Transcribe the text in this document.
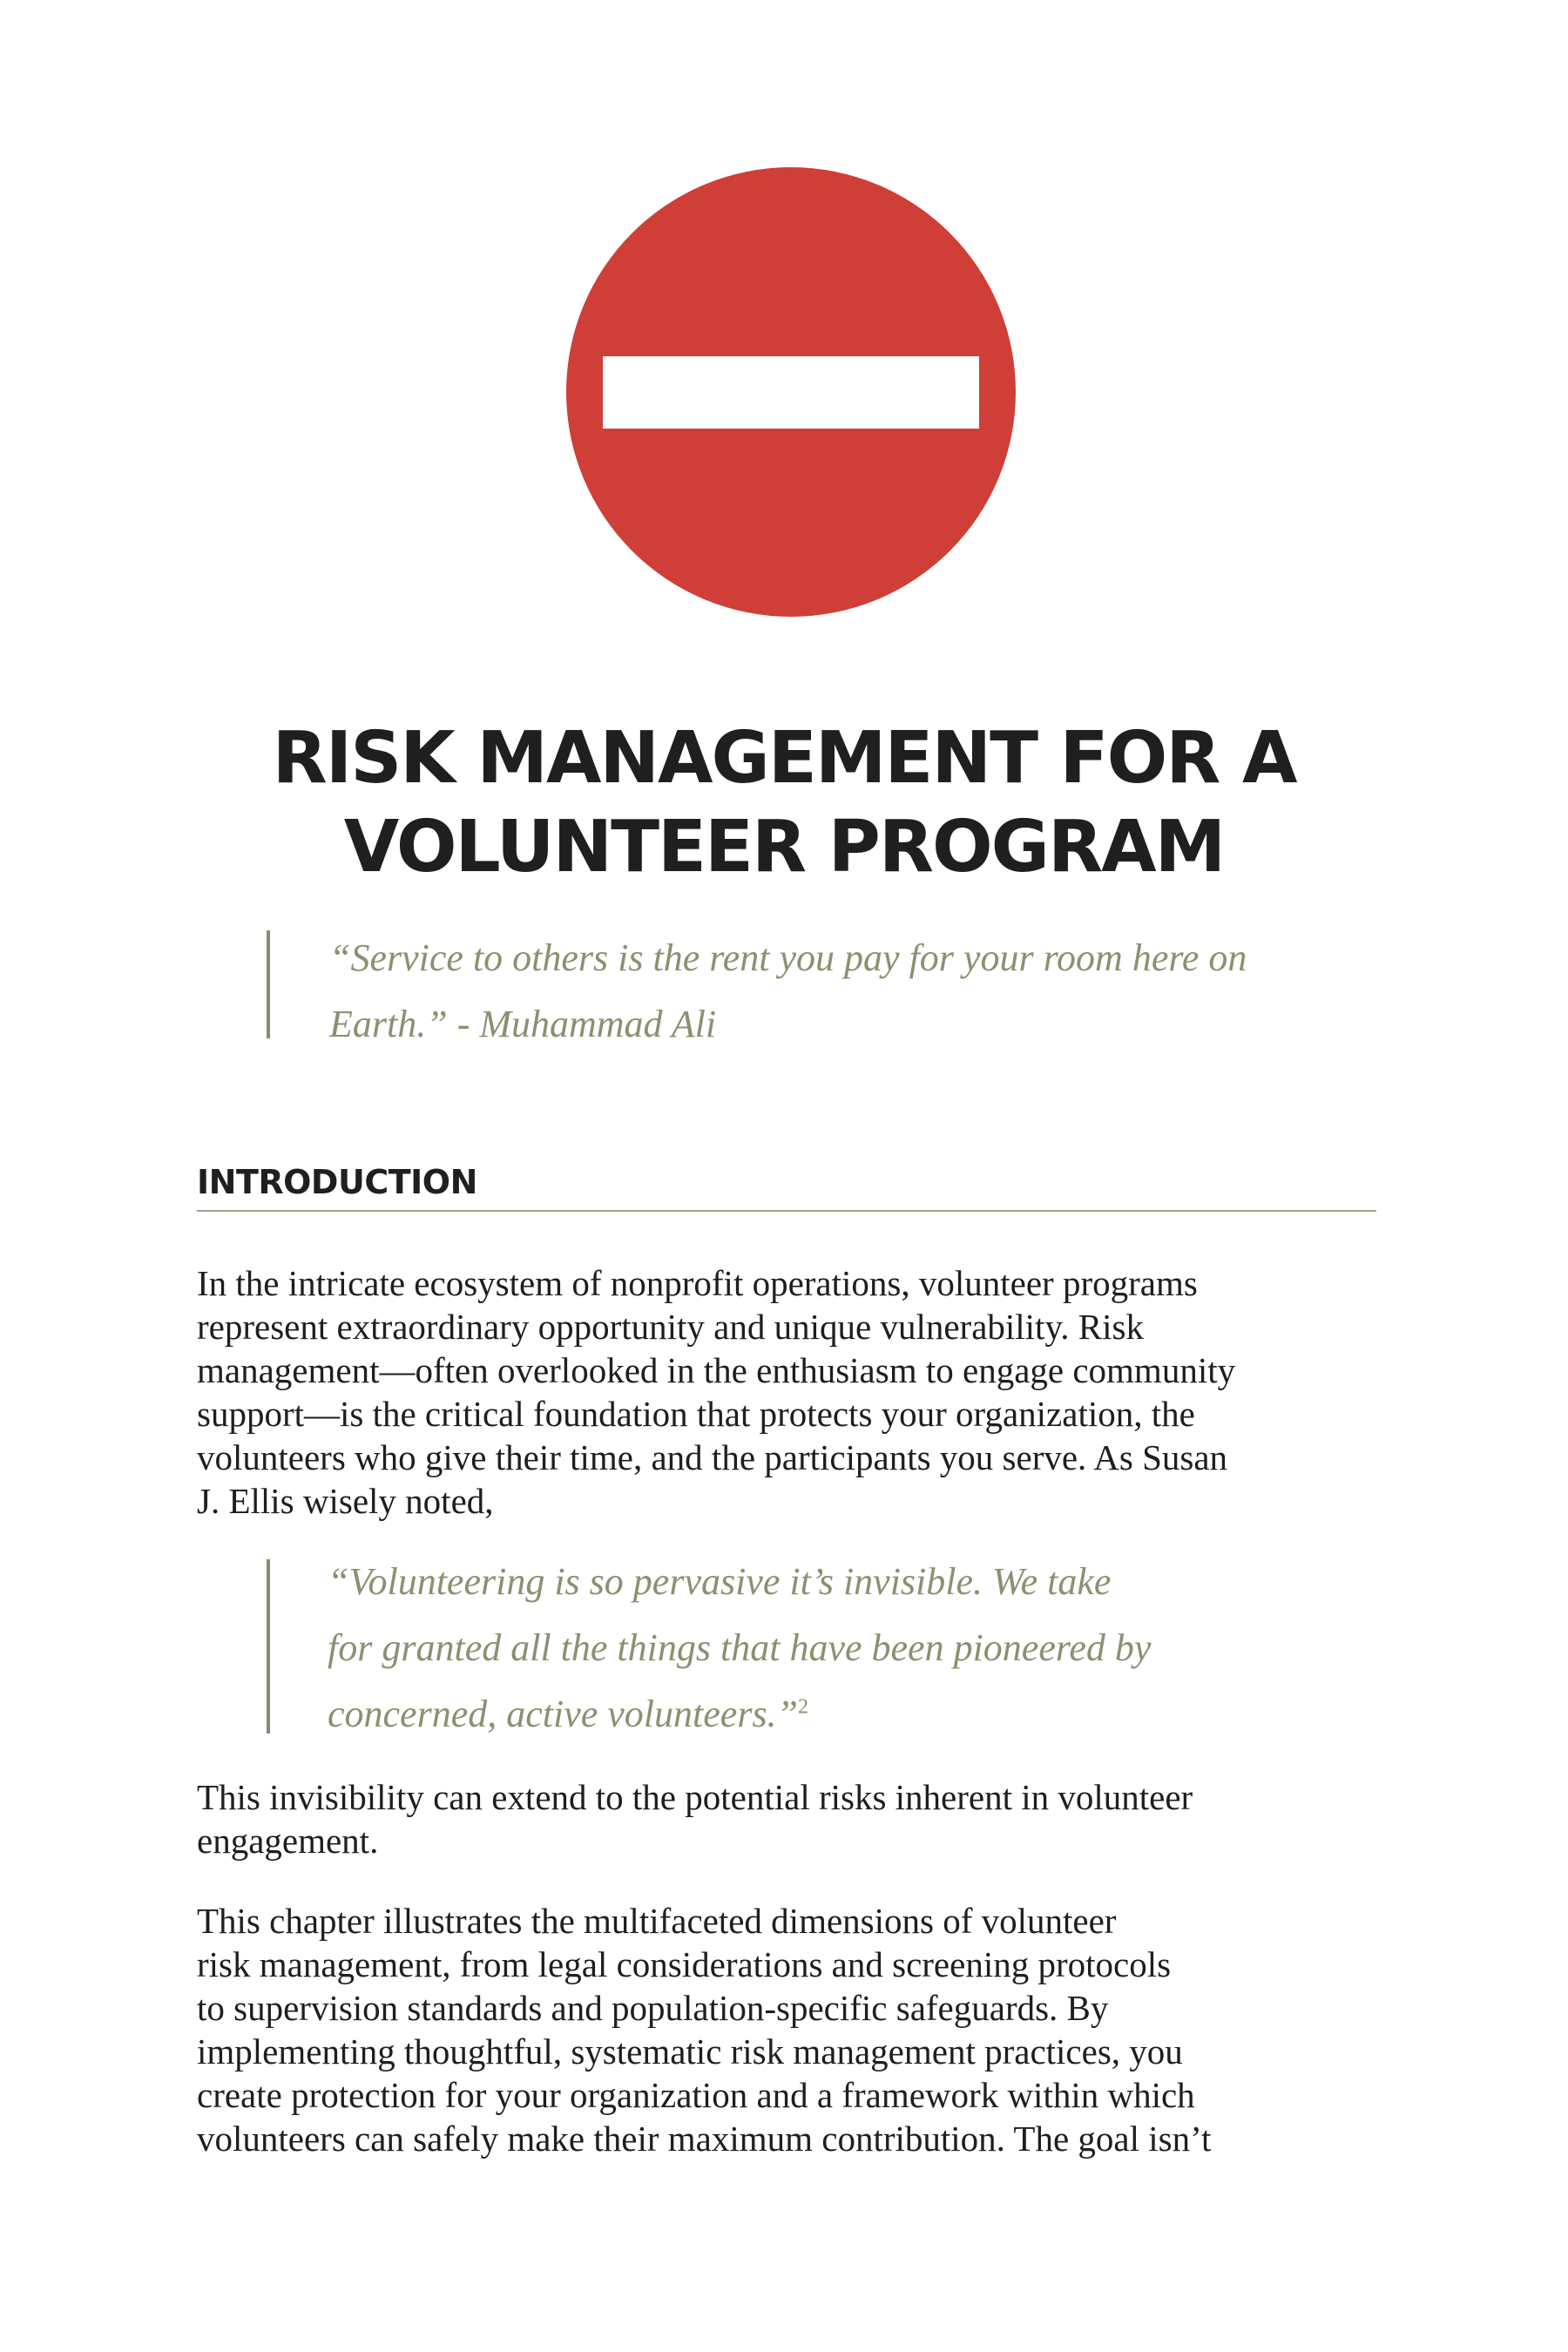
RISK MANAGEMENT FOR A
VOLUNTEER PROGRAM
“Service to others is the rent you pay for your room here on
Earth.” - Muhammad Ali
INTRODUCTION
In the intricate ecosystem of nonprofit operations, volunteer programs
represent extraordinary opportunity and unique vulnerability. Risk
management—often overlooked in the enthusiasm to engage community
support—is the critical foundation that protects your organization, the
volunteers who give their time, and the participants you serve. As Susan
J. Ellis wisely noted,
“Volunteering is so pervasive it’s invisible. We take
for granted all the things that have been pioneered by
concerned, active volunteers.”$^2$
This invisibility can extend to the potential risks inherent in volunteer
engagement.
This chapter illustrates the multifaceted dimensions of volunteer
risk management, from legal considerations and screening protocols
to supervision standards and population-specific safeguards. By
implementing thoughtful, systematic risk management practices, you
create protection for your organization and a framework within which
volunteers can safely make their maximum contribution. The goal isn’t
